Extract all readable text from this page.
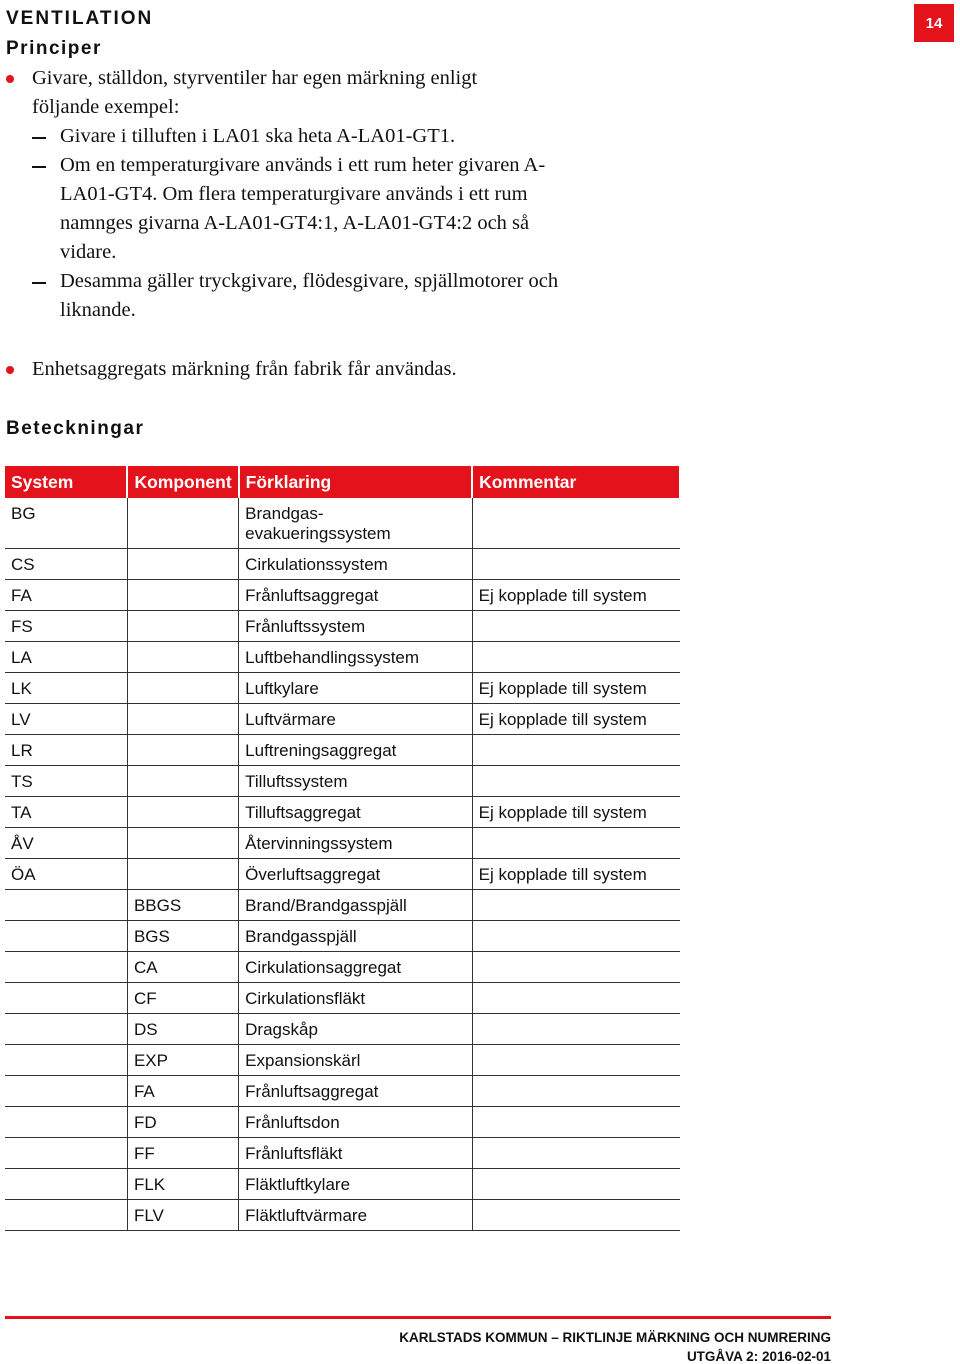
14
VENTILATION
Principer
Givare, ställdon, styrventiler har egen märkning enligt följande exempel:
Givare i tilluften i LA01 ska heta A-LA01-GT1.
Om en temperaturgivare används i ett rum heter givaren A-LA01-GT4. Om flera temperaturgivare används i ett rum namnges givarna A-LA01-GT4:1, A-LA01-GT4:2 och så vidare.
Desamma gäller tryckgivare, flödesgivare, spjällmotorer och liknande.
Enhetsaggregats märkning från fabrik får användas.
Beteckningar
System	Komponent	Förklaring	Kommentar
BG		Brandgas-
evakueringssystem	
CS		Cirkulationssystem	
FA		Frånluftsaggregat	Ej kopplade till system
FS		Frånluftssystem	
LA		Luftbehandlingssystem	
LK		Luftkylare	Ej kopplade till system
LV		Luftvärmare	Ej kopplade till system
LR		Luftreningsaggregat	
TS		Tilluftssystem	
TA		Tilluftsaggregat	Ej kopplade till system
ÅV		Återvinningssystem	
ÖA		Överluftsaggregat	Ej kopplade till system
	BBGS	Brand/Brandgasspjäll	
	BGS	Brandgasspjäll	
	CA	Cirkulationsaggregat	
	CF	Cirkulationsfläkt	
	DS	Dragskåp	
	EXP	Expansionskärl	
	FA	Frånluftsaggregat	
	FD	Frånluftsdon	
	FF	Frånluftsfläkt	
	FLK	Fläktluftkylare	
	FLV	Fläktluftvärmare	
KARLSTADS KOMMUN – RIKTLINJE MÄRKNING OCH NUMRERING
UTGÅVA 2: 2016-02-01
